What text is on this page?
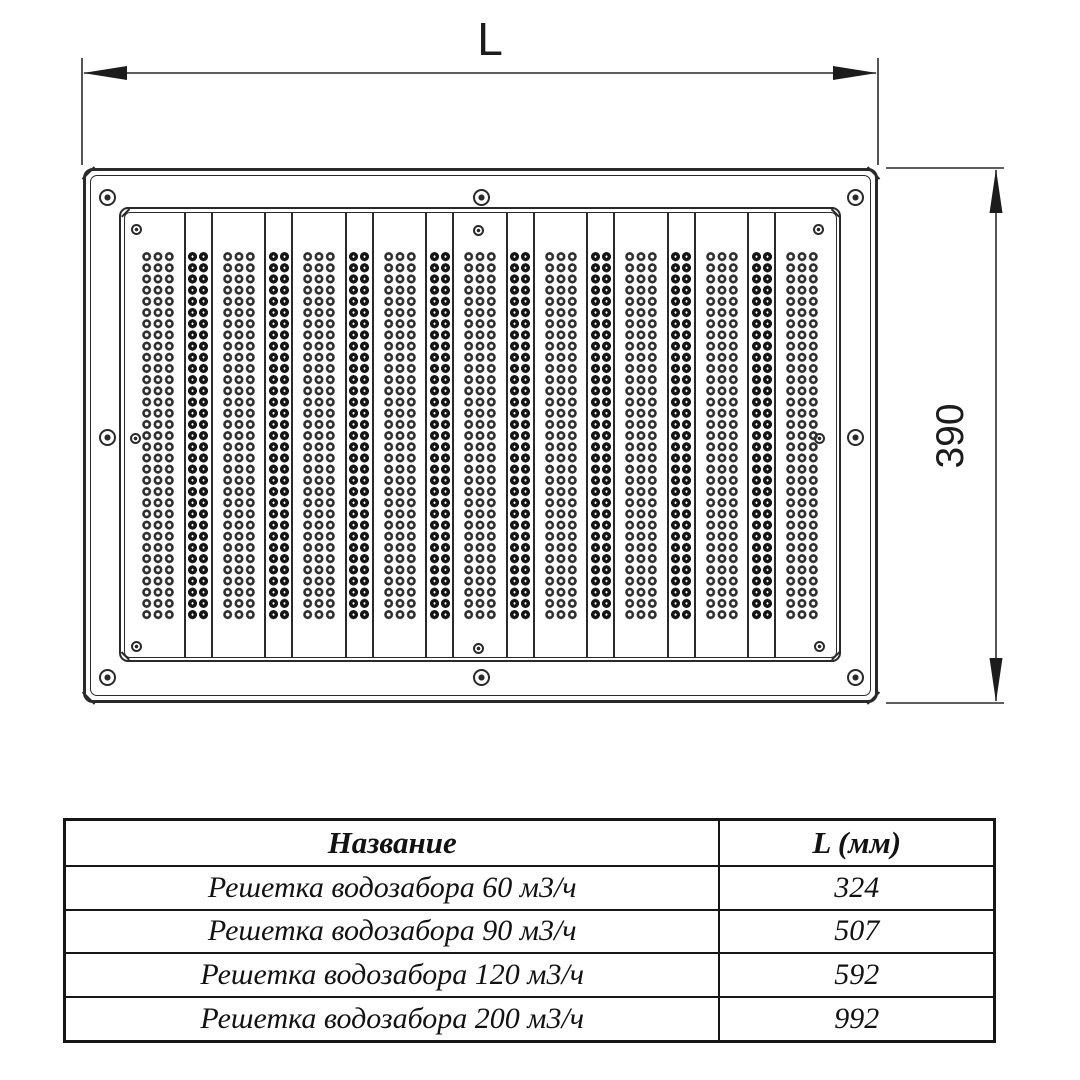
L
390
Название	L (мм)
Решетка водозабора 60 м3/ч	324
Решетка водозабора 90 м3/ч	507
Решетка водозабора 120 м3/ч	592
Решетка водозабора 200 м3/ч	992
